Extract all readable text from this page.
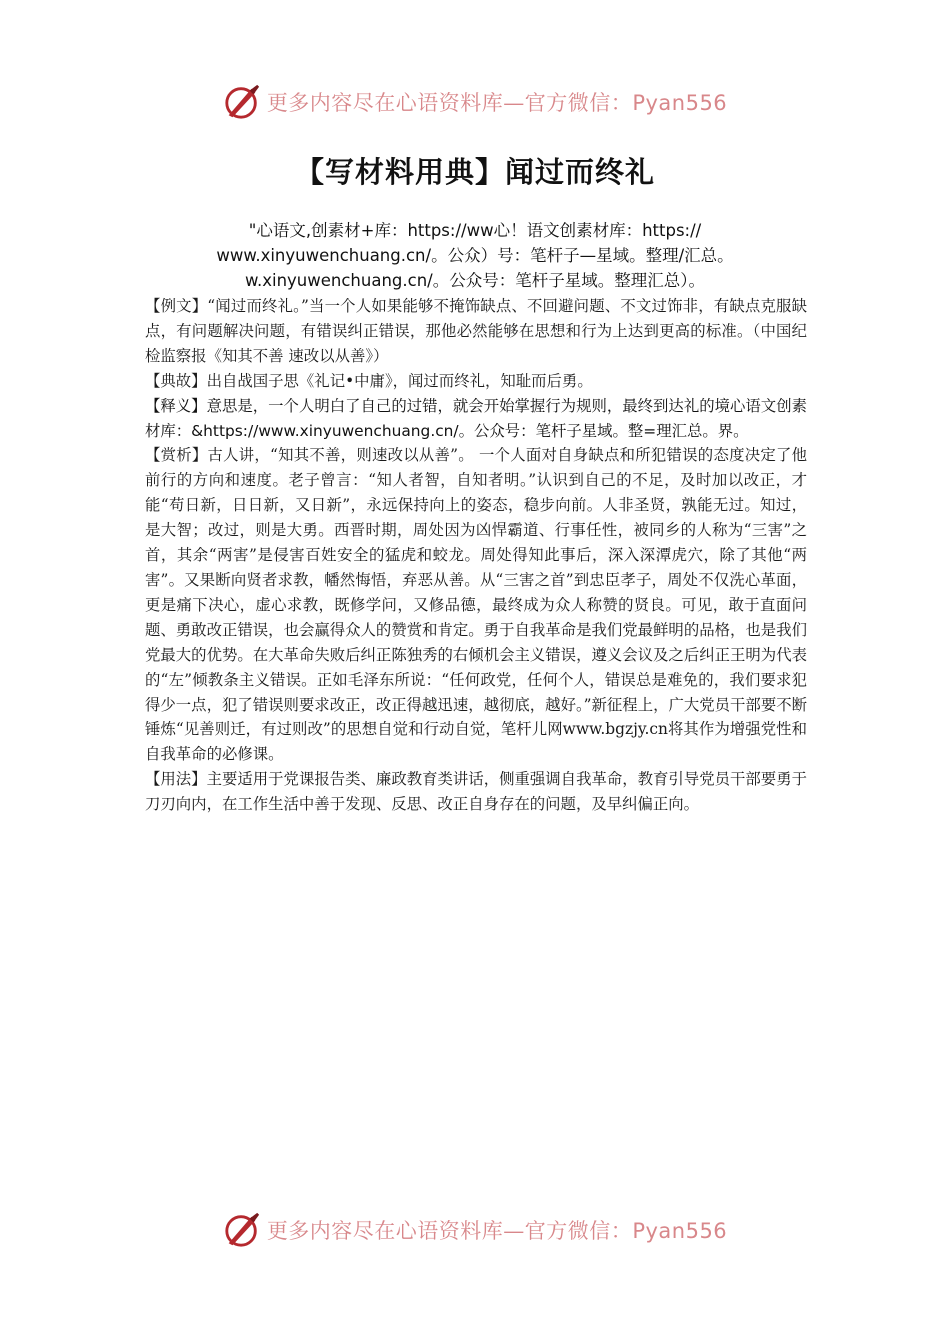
更多内容尽在心语资料库—官方微信：Pyan556
【写材料用典】闻过而终礼
"心语文,创素材+库：https://ww心！语文创素材库：https://
www.xinyuwenchuang.cn/。公众）号：笔杆子—星域。整理/汇总。
w.xinyuwenchuang.cn/。公众号：笔杆子星域。整理汇总）。

【例文】“闻过而终礼。”当一个人如果能够不掩饰缺点、不回避问题、不文过饰非，有缺点克服缺点，有问题解决问题，有错误纠正错误，那他必然能够在思想和行为上达到更高的标准。（中国纪检监察报《知其不善 速改以从善》）

【典故】出自战国子思《礼记•中庸》，闻过而终礼，知耻而后勇。

【释义】意思是，一个人明白了自己的过错，就会开始掌握行为规则，最终到达礼的境心语文创素材库：&https://www.xinyuwenchuang.cn/。公众号：笔杆子星域。整=理汇总。界。

【赏析】古人讲，“知其不善，则速改以从善”。 一个人面对自身缺点和所犯错误的态度决定了他前行的方向和速度。老子曾言：“知人者智，自知者明。”认识到自己的不足，及时加以改正，才能“苟日新，日日新，又日新”，永远保持向上的姿态，稳步向前。人非圣贤，孰能无过。知过，是大智；改过，则是大勇。西晋时期，周处因为凶悍霸道、行事任性，被同乡的人称为“三害”之首，其余“两害”是侵害百姓安全的猛虎和蛟龙。周处得知此事后，深入深潭虎穴，除了其他“两害”。又果断向贤者求教，幡然悔悟，弃恶从善。从“三害之首”到忠臣孝子，周处不仅洗心革面，更是痛下决心，虚心求教，既修学问，又修品德，最终成为众人称赞的贤良。可见，敢于直面问题、勇敢改正错误，也会赢得众人的赞赏和肯定。勇于自我革命是我们党最鲜明的品格，也是我们党最大的优势。在大革命失败后纠正陈独秀的右倾机会主义错误，遵义会议及之后纠正王明为代表的“左”倾教条主义错误。正如毛泽东所说：“任何政党，任何个人，错误总是难免的，我们要求犯得少一点，犯了错误则要求改正，改正得越迅速，越彻底，越好。”新征程上，广大党员干部要不断锤炼“见善则迁，有过则改”的思想自觉和行动自觉，笔杆儿网www.bgzjy.cn将其作为增强党性和自我革命的必修课。

【用法】主要适用于党课报告类、廉政教育类讲话，侧重强调自我革命，教育引导党员干部要勇于刀刃向内，在工作生活中善于发现、反思、改正自身存在的问题，及早纠偏正向。

更多内容尽在心语资料库—官方微信：Pyan556
